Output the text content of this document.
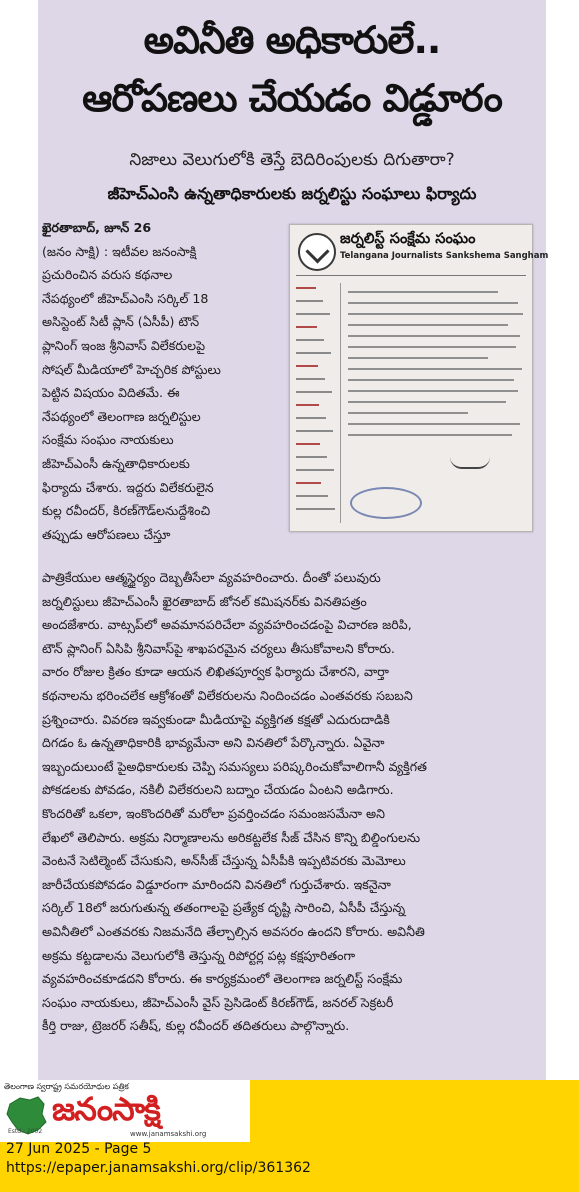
అవినీతి అధికారులే..
ఆరోపణలు చేయడం విడ్డూరం
నిజాలు వెలుగులోకి తెస్తే బెదిరింపులకు దిగుతారా?
జీహెచ్ఎంసి ఉన్నతాధికారులకు జర్నలిస్టు సంఘాలు ఫిర్యాదు
ఖైరతాబాద్, జూన్ 26
(జనం సాక్షి) : ఇటీవల జనంసాక్షి
ప్రచురించిన వరుస కథనాల
నేపథ్యంలో జీహెచ్ఎంసి సర్కిల్ 18
అసిస్టెంట్ సిటీ ప్లాన్ (ఏసీపీ) టౌన్
ప్లానింగ్ ఇంజ శ్రీనివాస్ విలేకరులపై
సోషల్ మీడియాలో హెచ్చరిక పోస్టులు
పెట్టిన విషయం విదితమే. ఈ
నేపథ్యంలో తెలంగాణ జర్నలిస్టుల
సంక్షేమ సంఘం నాయకులు
జీహెచ్ఎంసీ ఉన్నతాధికారులకు
ఫిర్యాదు చేశారు. ఇద్దరు విలేకరులైన
కుల్ల రవీందర్, కిరణ్‌గౌడ్‌లనుద్దేశించి
తప్పుడు ఆరోపణలు చేస్తూ
జర్నలిస్ట్ సంక్షేమ సంఘం
Telangana Journalists Sankshema Sangham
పాత్రికేయుల ఆత్మస్థైర్యం దెబ్బతీసేలా వ్యవహరించారు. దీంతో పలువురు
జర్నలిస్టులు జీహెచ్ఎంసీ ఖైరతాబాద్ జోనల్ కమిషనర్‌కు వినతిపత్రం
అందజేశారు. వాట్సప్‌లో అవమానపరిచేలా వ్యవహరించడంపై విచారణ జరిపి,
టౌన్ ప్లానింగ్ ఏసిపి శ్రీనివాస్‌పై శాఖపరమైన చర్యలు తీసుకోవాలని కోరారు.
వారం రోజుల క్రితం కూడా ఆయన లిఖితపూర్వక ఫిర్యాదు చేశారని, వార్తా
కథనాలను భరించలేక ఆక్రోశంతో విలేకరులను నిందించడం ఎంతవరకు సబబని
ప్రశ్నించారు. వివరణ ఇవ్వకుండా మీడియాపై వ్యక్తిగత కక్షతో ఎదురుదాడికి
దిగడం ఓ ఉన్నతాధికారికి భావ్యమేనా అని వినతిలో పేర్కొన్నారు. ఏవైనా
ఇబ్బందులుంటే పైఅధికారులకు చెప్పి సమస్యలు పరిష్కరించుకోవాలిగానీ వ్యక్తిగత
పోకడలకు పోవడం, నకిలీ విలేకరులని బద్నాం చేయడం ఏంటని అడిగారు.
కొందరితో ఒకలా, ఇంకొందరితో మరోలా ప్రవర్తించడం సమంజసమేనా అని
లేఖలో తెలిపారు. అక్రమ నిర్మాణాలను అరికట్టలేక సీజ్ చేసిన కొన్ని బిల్డింగులను
వెంటనే సెటిల్మెంట్ చేసుకుని, అన్‌సీజ్ చేస్తున్న ఏసీపీకి ఇప్పటివరకు మెమోలు
జారీచేయకపోవడం విడ్డూరంగా మారిందని వినతిలో గుర్తుచేశారు. ఇకనైనా
సర్కిల్ 18లో జరుగుతున్న తతంగాలపై ప్రత్యేక దృష్టి సారించి, ఏసీపీ చేస్తున్న
అవినీతిలో ఎంతవరకు నిజమనేది తేల్చాల్సిన అవసరం ఉందని కోరారు. అవినీతి
అక్రమ కట్టడాలను వెలుగులోకి తెస్తున్న రిపోర్టర్ల పట్ల కక్షపూరితంగా
వ్యవహరించకూడదని కోరారు. ఈ కార్యక్రమంలో తెలంగాణ జర్నలిస్ట్ సంక్షేమ
సంఘం నాయకులు, జీహెచ్ఎంసీ వైస్ ప్రెసిడెంట్ కిరణ్‌గౌడ్, జనరల్ సెక్రటరీ
కీర్తి రాజు, ట్రెజరర్ సతీష్, కుల్ల రవీందర్ తదితరులు పాల్గొన్నారు.
తెలంగాణ స్వరాష్ట్ర సమరయోధుల పత్రిక
జనంసాక్షి
Estd.: 2002	www.janamsakshi.org
27 Jun 2025 - Page 5
https://epaper.janamsakshi.org/clip/361362
